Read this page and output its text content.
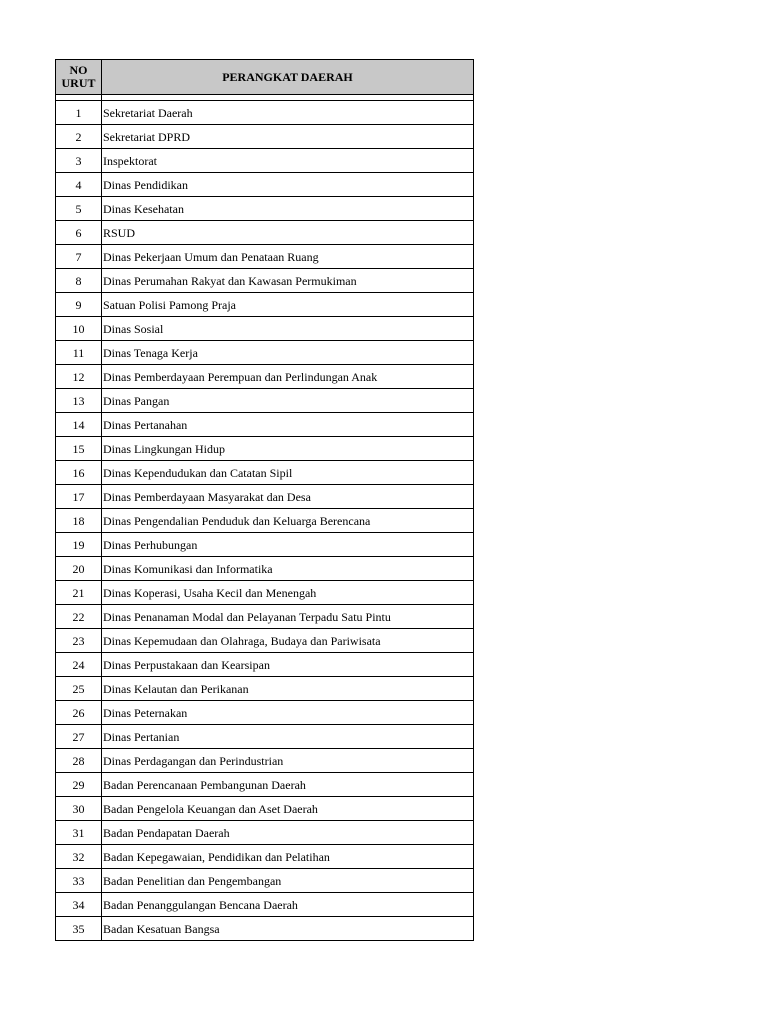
NO
URUT	PERANGKAT DAERAH

1	Sekretariat Daerah
2	Sekretariat DPRD
3	Inspektorat
4	Dinas Pendidikan
5	Dinas Kesehatan
6	RSUD
7	Dinas Pekerjaan Umum dan Penataan Ruang
8	Dinas Perumahan Rakyat dan Kawasan Permukiman
9	Satuan Polisi Pamong Praja
10	Dinas Sosial
11	Dinas Tenaga Kerja
12	Dinas Pemberdayaan Perempuan dan Perlindungan Anak
13	Dinas Pangan
14	Dinas Pertanahan
15	Dinas Lingkungan Hidup
16	Dinas Kependudukan dan Catatan Sipil
17	Dinas Pemberdayaan Masyarakat dan Desa
18	Dinas Pengendalian Penduduk dan Keluarga Berencana
19	Dinas Perhubungan
20	Dinas Komunikasi dan Informatika
21	Dinas Koperasi, Usaha Kecil dan Menengah
22	Dinas Penanaman Modal dan Pelayanan Terpadu Satu Pintu
23	Dinas Kepemudaan dan Olahraga, Budaya dan Pariwisata
24	Dinas Perpustakaan dan Kearsipan
25	Dinas Kelautan dan Perikanan
26	Dinas Peternakan
27	Dinas Pertanian
28	Dinas Perdagangan dan Perindustrian
29	Badan Perencanaan Pembangunan Daerah
30	Badan Pengelola Keuangan dan Aset Daerah
31	Badan Pendapatan Daerah
32	Badan Kepegawaian, Pendidikan dan Pelatihan
33	Badan Penelitian dan Pengembangan
34	Badan Penanggulangan Bencana Daerah
35	Badan Kesatuan Bangsa
